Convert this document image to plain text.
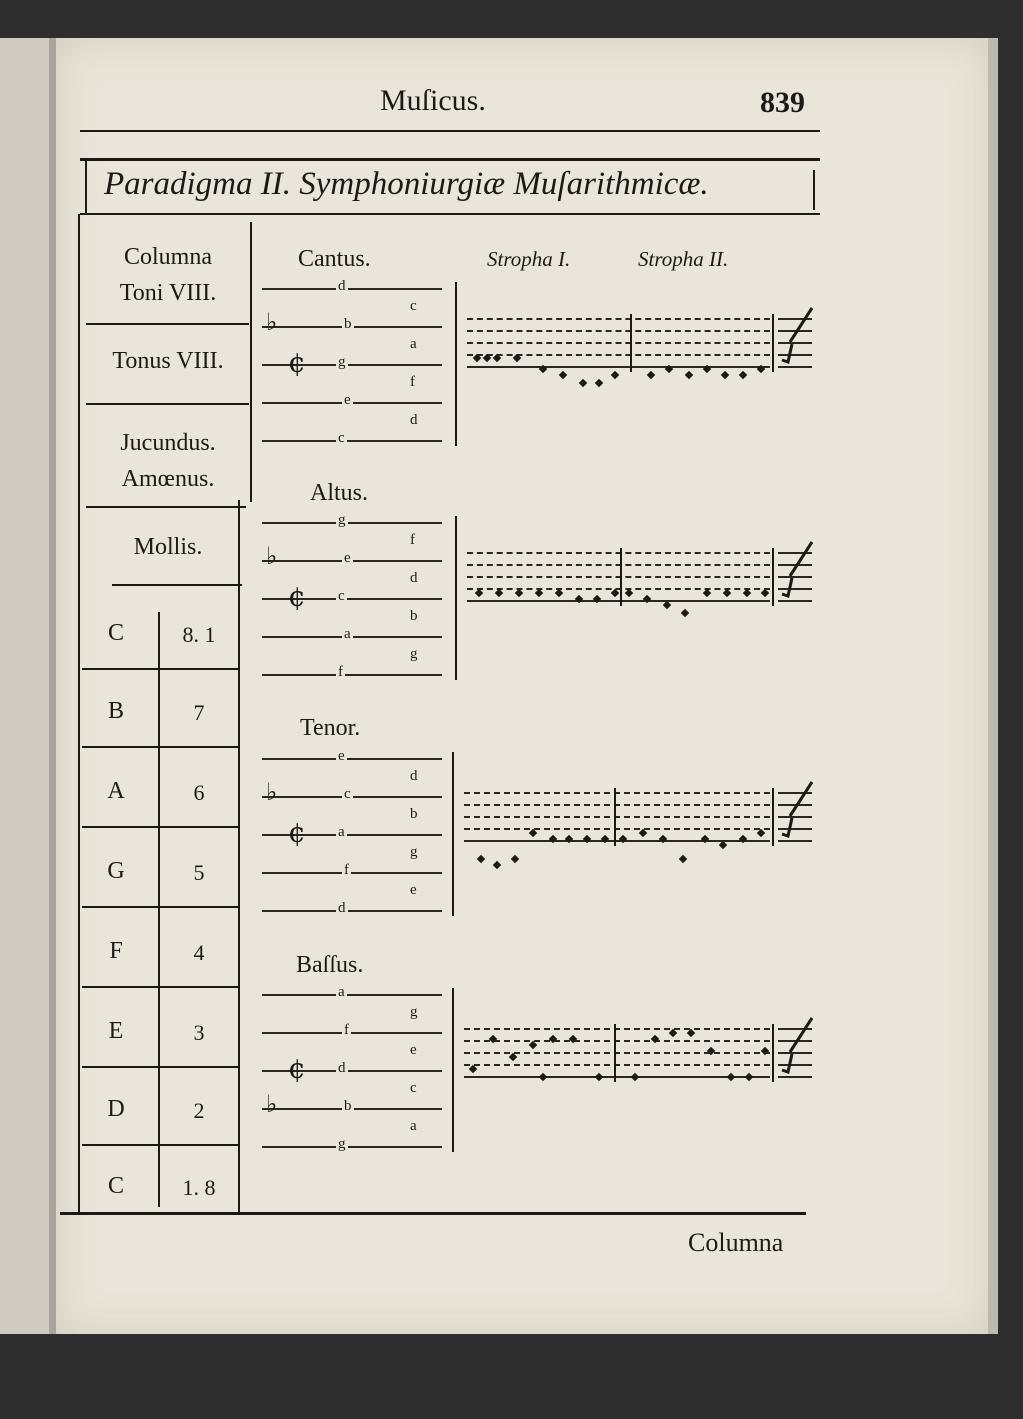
Muſicus.	839
Paradigma II. Symphoniurgiæ Muſarithmicæ.
Columna
Toni VIII.
Tonus VIII.
Jucundus.
Amœnus.
Mollis.
C	8. 1
B	7
A	6
G	5
F	4
E	3
D	2
C	1. 8
Cantus.
Altus.
Tenor.
Baſſus.
Stropha I.	Stropha II.
d
c
b
a
g
f
e
d
c
¢
♭
g
f
e
d
c
b
a
g
f
¢
♭
e
d
c
b
a
g
f
e
d
¢
♭
a
g
f
e
d
c
b
a
g
¢
♭
Columna
